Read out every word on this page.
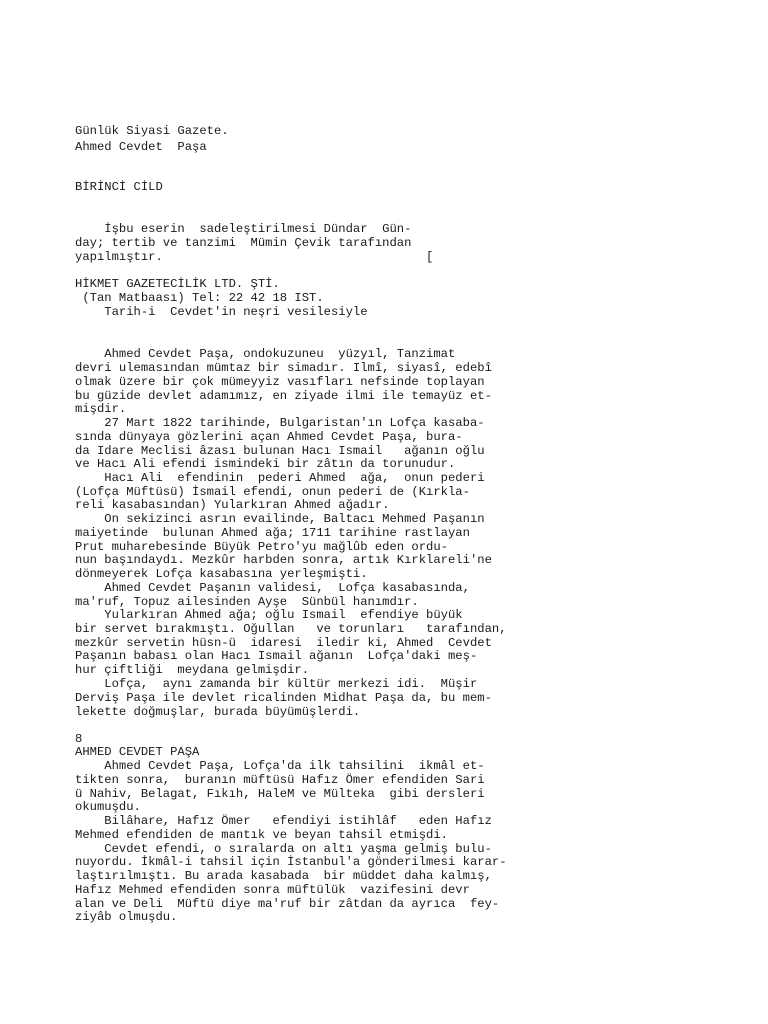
Günlük Siyasi Gazete.

Ahmed Cevdet  Paşa

BİRİNCİ CİLD

İşbu eserin  sadeleştirilmesi Dündar  Gün-

day; tertib ve tanzimi  Mümin Çevik tarafından

yapılmıştır.                                    [

HİKMET GAZETECİLİK LTD. ŞTİ.

(Tan Matbaası) Tel: 22 42 18 IST.

Tarih-i  Cevdet'in neşri vesilesiyle

Ahmed Cevdet Paşa, ondokuzuneu  yüzyıl, Tanzimat

devri ulemasından mümtaz bir simadır. Ilmî, siyasî, edebî

olmak üzere bir çok mümeyyiz vasıfları nefsinde toplayan

bu güzide devlet adamımız, en ziyade ilmi ile temayüz et-

mişdir.

27 Mart 1822 tarihinde, Bulgaristan'ın Lofça kasaba-

sında dünyaya gözlerini açan Ahmed Cevdet Paşa, bura-

da Idare Meclisi âzası bulunan Hacı Ismail   ağanın oğlu

ve Hacı Ali efendi ismindeki bir zâtın da torunudur.

Hacı Ali  efendinin  pederi Ahmed  ağa,  onun pederi

(Lofça Müftüsü) İsmail efendi, onun pederi de (Kırkla-

reli kasabasından) Yularkıran Ahmed ağadır.

On sekizinci asrın evailinde, Baltacı Mehmed Paşanın

maiyetinde  bulunan Ahmed ağa; 1711 tarihine rastlayan

Prut muharebesinde Büyük Petro'yu mağlûb eden ordu-

nun başındaydı. Mezkûr harbden sonra, artık Kırklareli'ne

dönmeyerek Lofça kasabasına yerleşmişti.

Ahmed Cevdet Paşanın validesi,  Lofça kasabasında,

ma'ruf, Topuz ailesinden Ayşe  Sünbül hanımdır.

Yularkıran Ahmed ağa; oğlu Ismail  efendiye büyük

bir servet bırakmıştı. Oğullan   ve torunları   tarafından,

mezkûr servetin hüsn-ü  idaresi  iledir ki, Ahmed  Cevdet

Paşanın babası olan Hacı Ismail ağanın  Lofça'daki meş-

hur çiftliği  meydana gelmişdir.

Lofça,  aynı zamanda bir kültür merkezi idi.  Müşir

Derviş Paşa ile devlet ricalinden Midhat Paşa da, bu mem-

lekette doğmuşlar, burada büyümüşlerdi.

8

AHMED CEVDET PAŞA

Ahmed Cevdet Paşa, Lofça'da ilk tahsilini  ikmâl et-

tikten sonra,  buranın müftüsü Hafız Ömer efendiden Sari

ü Nahiv, Belagat, Fıkıh, HaleM ve Mülteka  gibi dersleri

okumuşdu.

Bilâhare, Hafız Ömer   efendiyi istihlâf   eden Hafız

Mehmed efendiden de mantık ve beyan tahsil etmişdi.

Cevdet efendi, o sıralarda on altı yaşma gelmiş bulu-

nuyordu. İkmâl-i tahsil için İstanbul'a gönderilmesi karar-

laştırılmıştı. Bu arada kasabada  bir müddet daha kalmış,

Hafız Mehmed efendiden sonra müftülük  vazifesini devr

alan ve Deli  Müftü diye ma'ruf bir zâtdan da ayrıca  fey-

ziyâb olmuşdu.
